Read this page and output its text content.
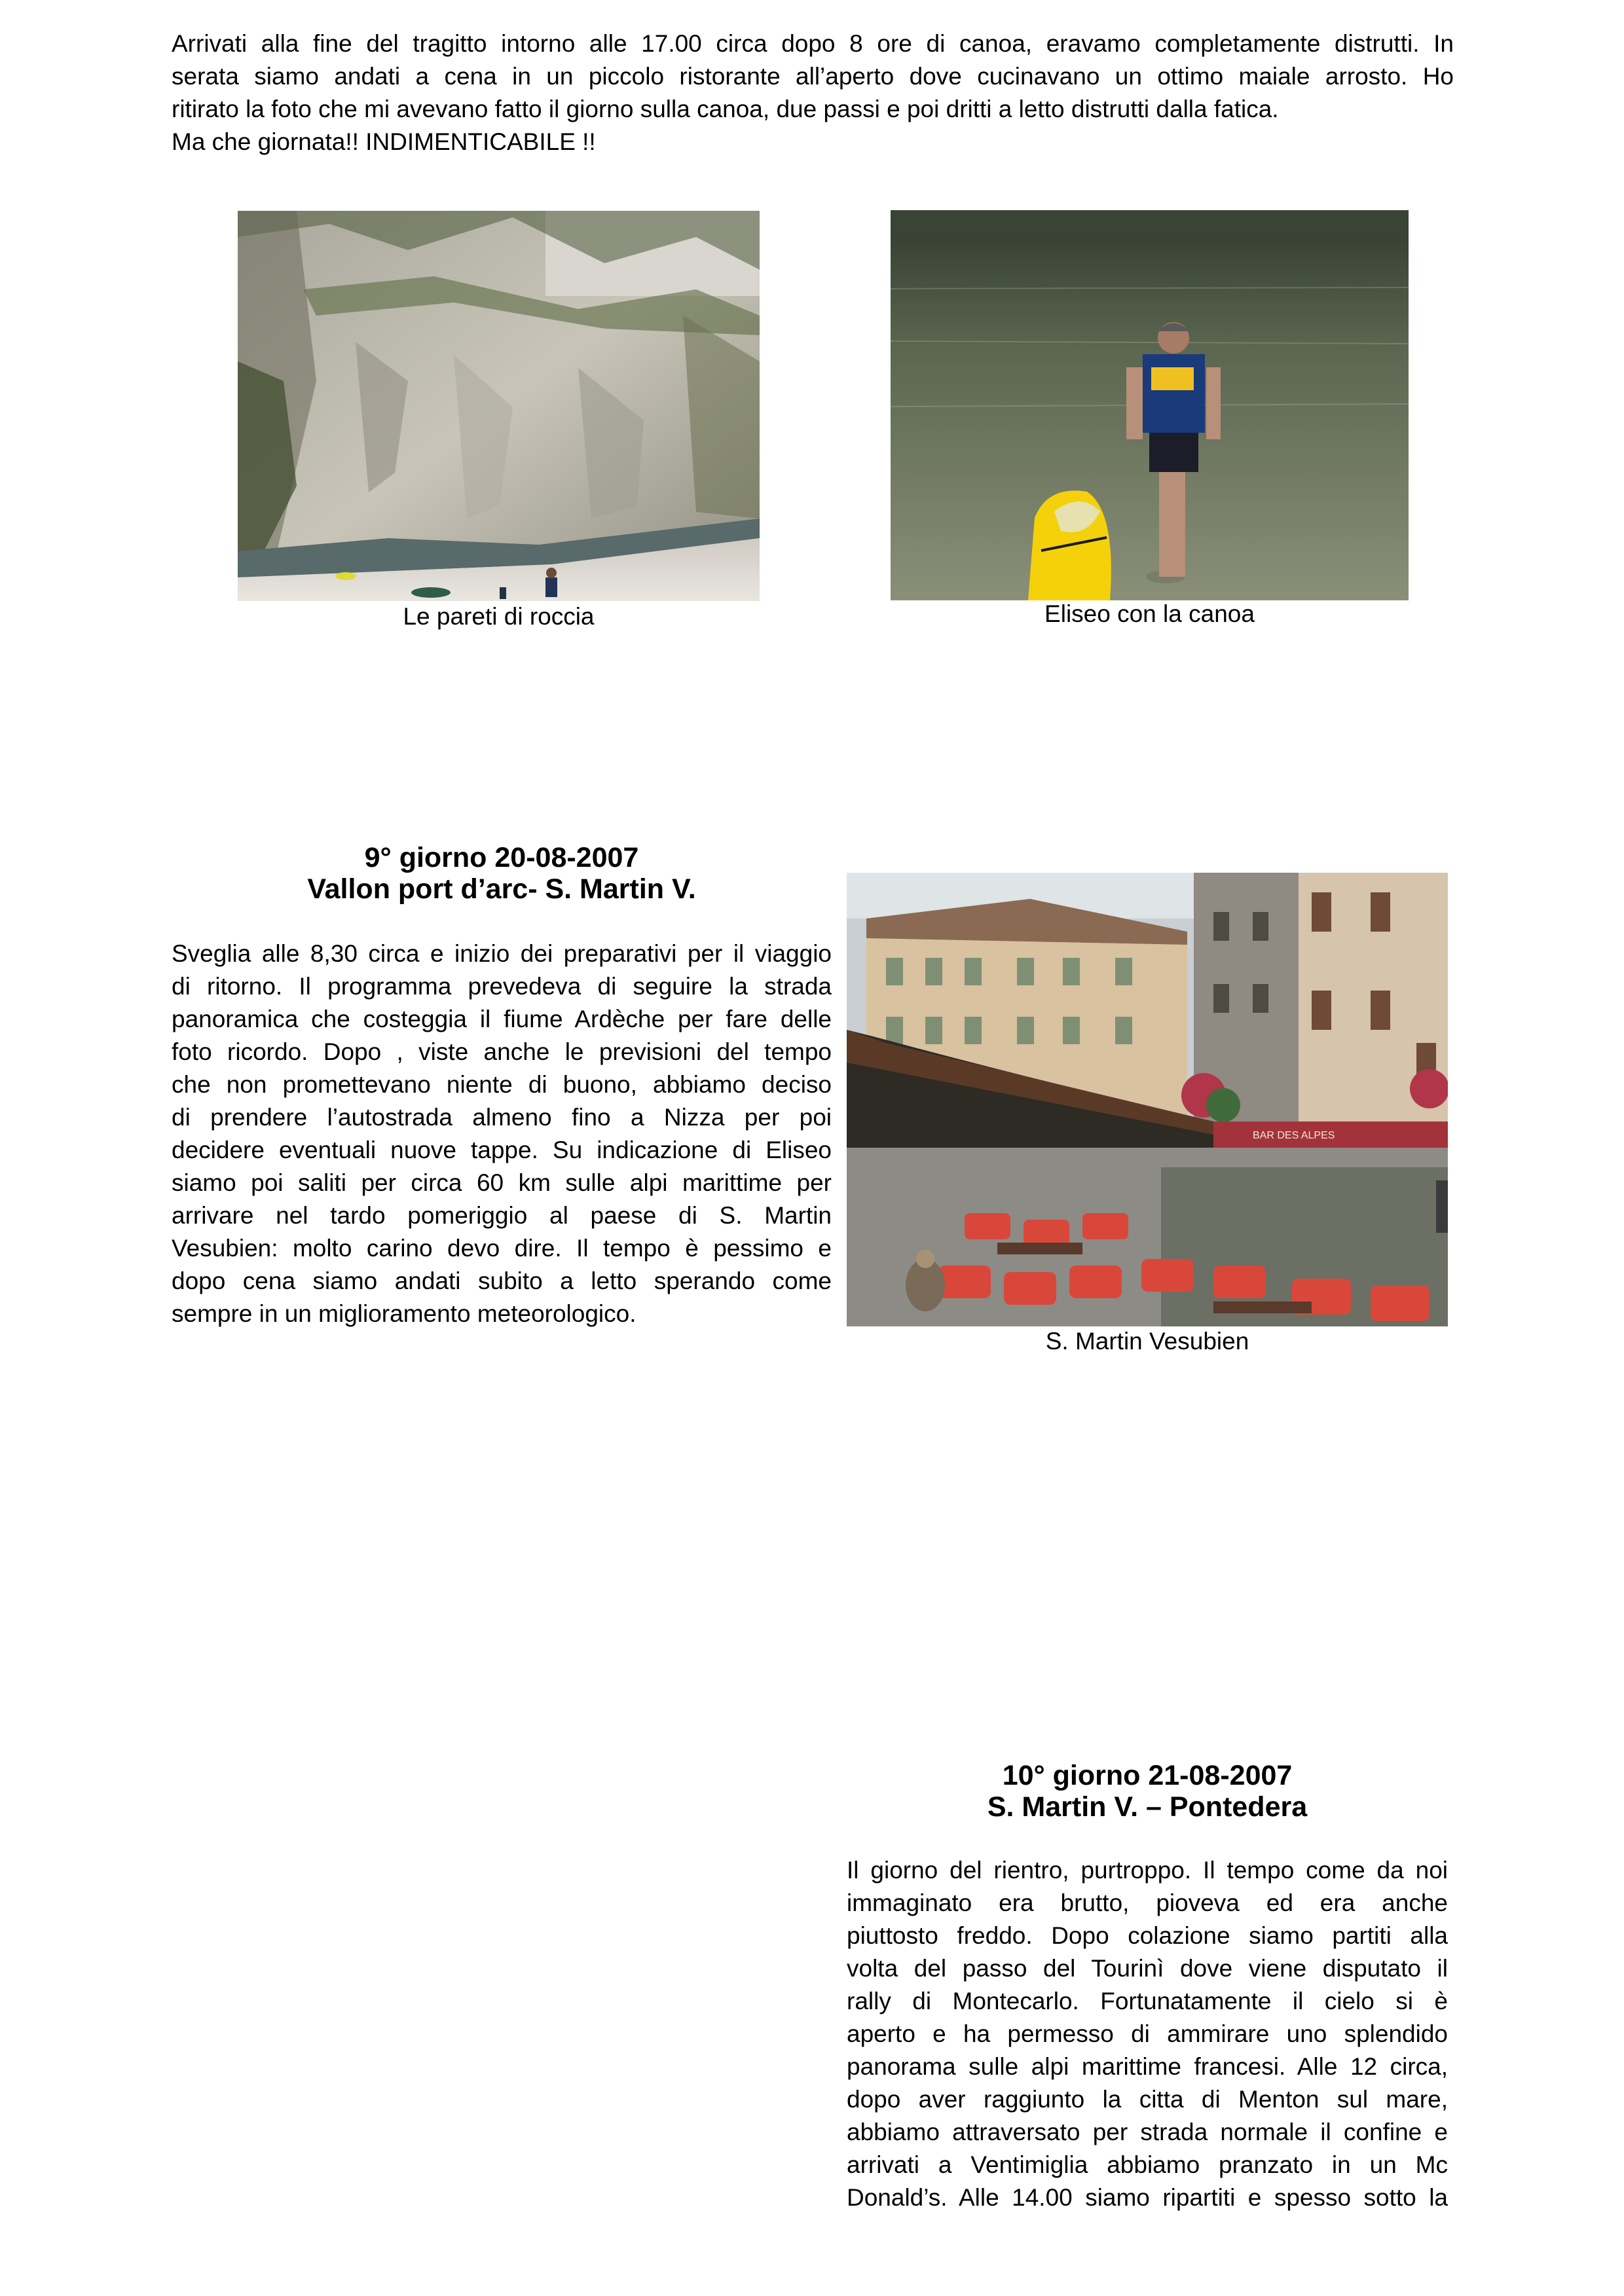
Arrivati alla fine del tragitto intorno alle 17.00 circa dopo 8 ore di canoa, eravamo completamente distrutti. In
serata siamo andati a cena in un piccolo ristorante all’aperto dove cucinavano un ottimo maiale arrosto. Ho
ritirato la foto che mi avevano fatto il giorno sulla canoa, due passi e poi dritti a letto distrutti dalla fatica.
Ma che giornata!! INDIMENTICABILE !!
Le pareti di roccia	Eliseo con la canoa
9° giorno 20-08-2007
Vallon port d’arc- S. Martin V.
Sveglia alle 8,30 circa e inizio dei preparativi per il viaggio
di ritorno. Il programma prevedeva di seguire la strada
panoramica che costeggia il fiume Ardèche per fare delle
foto ricordo. Dopo , viste anche le previsioni del tempo
che non promettevano niente di buono, abbiamo deciso
di prendere l’autostrada almeno fino a Nizza per poi
decidere eventuali nuove tappe. Su indicazione di Eliseo
siamo poi saliti per circa 60 km sulle alpi marittime per
arrivare nel tardo pomeriggio al paese di S. Martin
Vesubien: molto carino devo dire. Il tempo è pessimo e
dopo cena siamo andati subito a letto sperando come
sempre in un miglioramento meteorologico.
BAR DES ALPES
S. Martin Vesubien
10° giorno 21-08-2007
S. Martin V. – Pontedera
Il giorno del rientro, purtroppo. Il tempo come da noi
immaginato era brutto, pioveva ed era anche
piuttosto freddo. Dopo colazione siamo partiti alla
volta del passo del Tourinì dove viene disputato il
rally di Montecarlo. Fortunatamente il cielo si è
aperto e ha permesso di ammirare uno splendido
panorama sulle alpi marittime francesi. Alle 12 circa,
dopo aver raggiunto la citta di Menton sul mare,
abbiamo attraversato per strada normale il confine e
arrivati a Ventimiglia abbiamo pranzato in un Mc
Donald’s. Alle 14.00 siamo ripartiti e spesso sotto la
